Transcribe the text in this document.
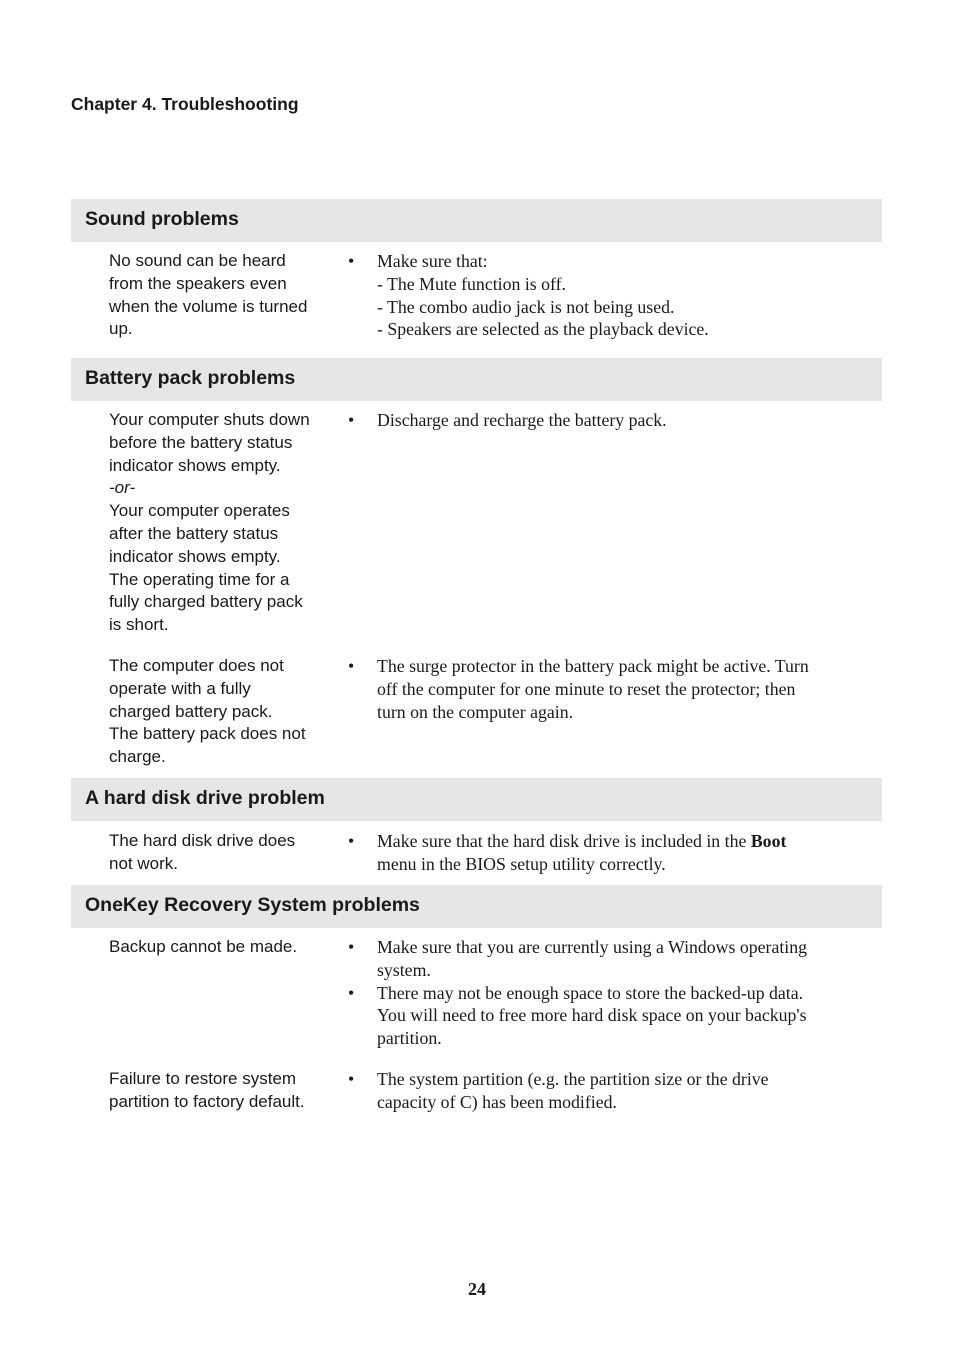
Chapter 4. Troubleshooting
Sound problems
No sound can be heard
from the speakers even
when the volume is turned
up.
•	Make sure that:
- The Mute function is off.
- The combo audio jack is not being used.
- Speakers are selected as the playback device.
Battery pack problems
Your computer shuts down
before the battery status
indicator shows empty.
-or-
Your computer operates
after the battery status
indicator shows empty.
The operating time for a
fully charged battery pack
is short.
•	Discharge and recharge the battery pack.
The computer does not
operate with a fully
charged battery pack.
The battery pack does not
charge.
•	The surge protector in the battery pack might be active. Turn
off the computer for one minute to reset the protector; then
turn on the computer again.
A hard disk drive problem
The hard disk drive does
not work.
•	Make sure that the hard disk drive is included in the Boot
menu in the BIOS setup utility correctly.
OneKey Recovery System problems
Backup cannot be made.	•	Make sure that you are currently using a Windows operating
system.
•	There may not be enough space to store the backed-up data.
You will need to free more hard disk space on your backup's
partition.
Failure to restore system
partition to factory default.
•	The system partition (e.g. the partition size or the drive
capacity of C) has been modified.
24
